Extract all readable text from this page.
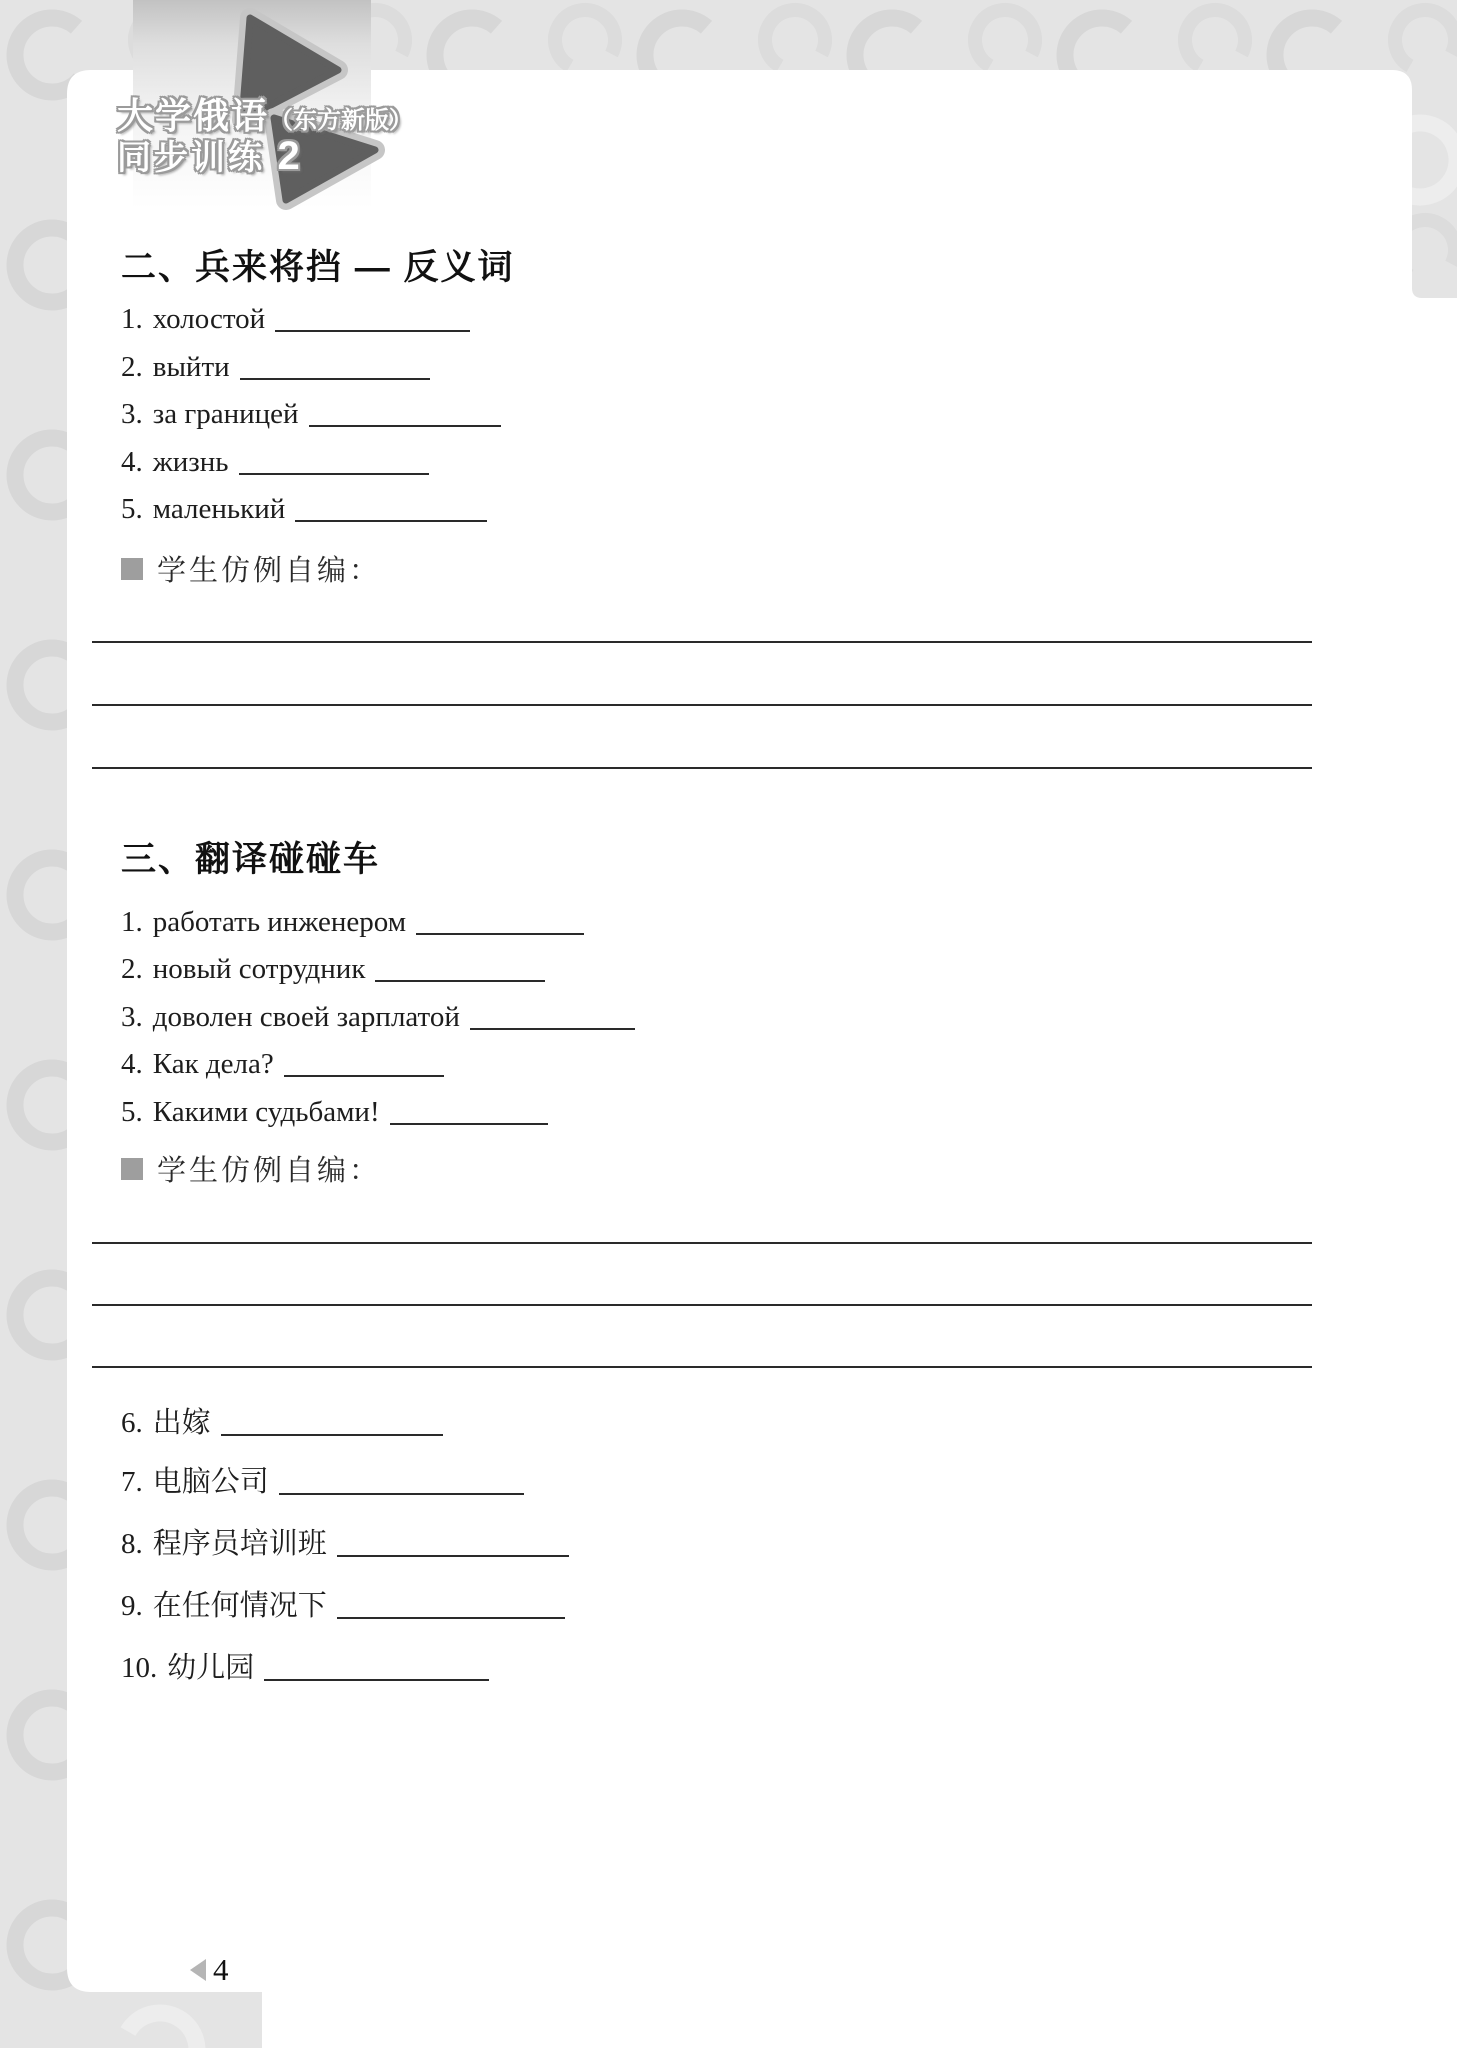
大学俄语（东方新版）
同步训练 2
二、兵来将挡 — 反义词
1. холостой
2. выйти
3. за границей
4. жизнь
5. маленький
学生仿例自编：
三、翻译碰碰车
1. работать инженером
2. новый сотрудник
3. доволен своей зарплатой
4. Как дела?
5. Какими судьбами!
学生仿例自编：
6. 出嫁
7. 电脑公司
8. 程序员培训班
9. 在任何情况下
10. 幼儿园
4
